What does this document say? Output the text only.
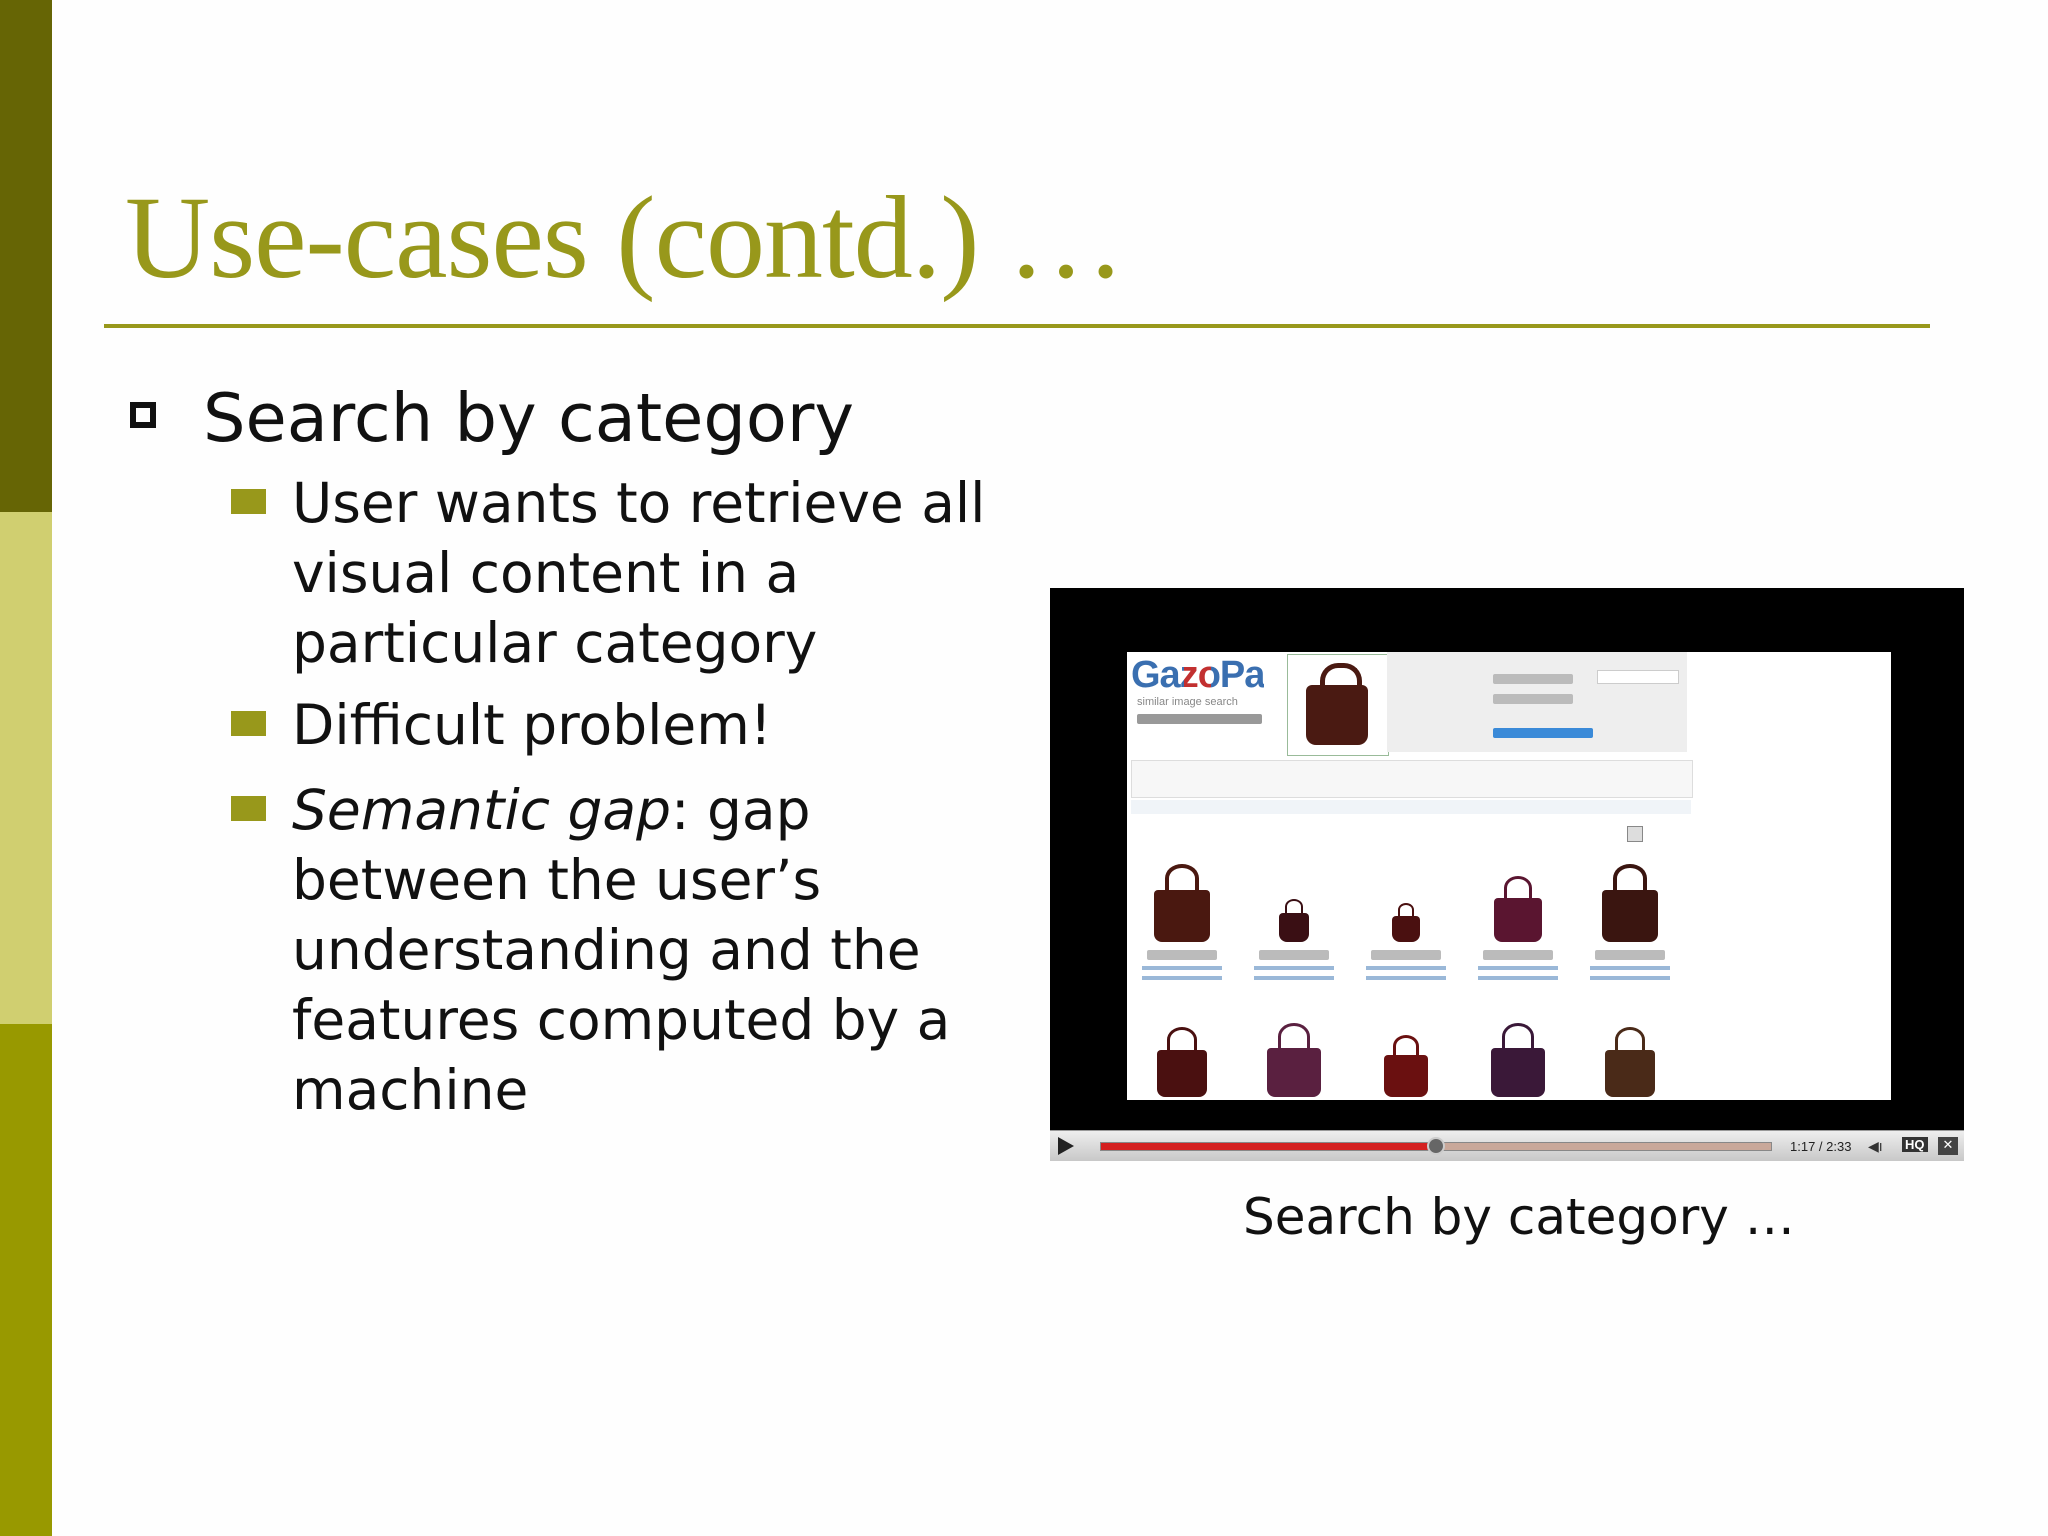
Use-cases (contd.) …
Search by category
User wants to retrieve all visual content in a particular category
Difficult problem!
Semantic gap: gap between the user’s understanding and the features computed by a machine
GazoPa
similar image search
1:17 / 2:33 ◀ı HQ	✕
Search by category …
